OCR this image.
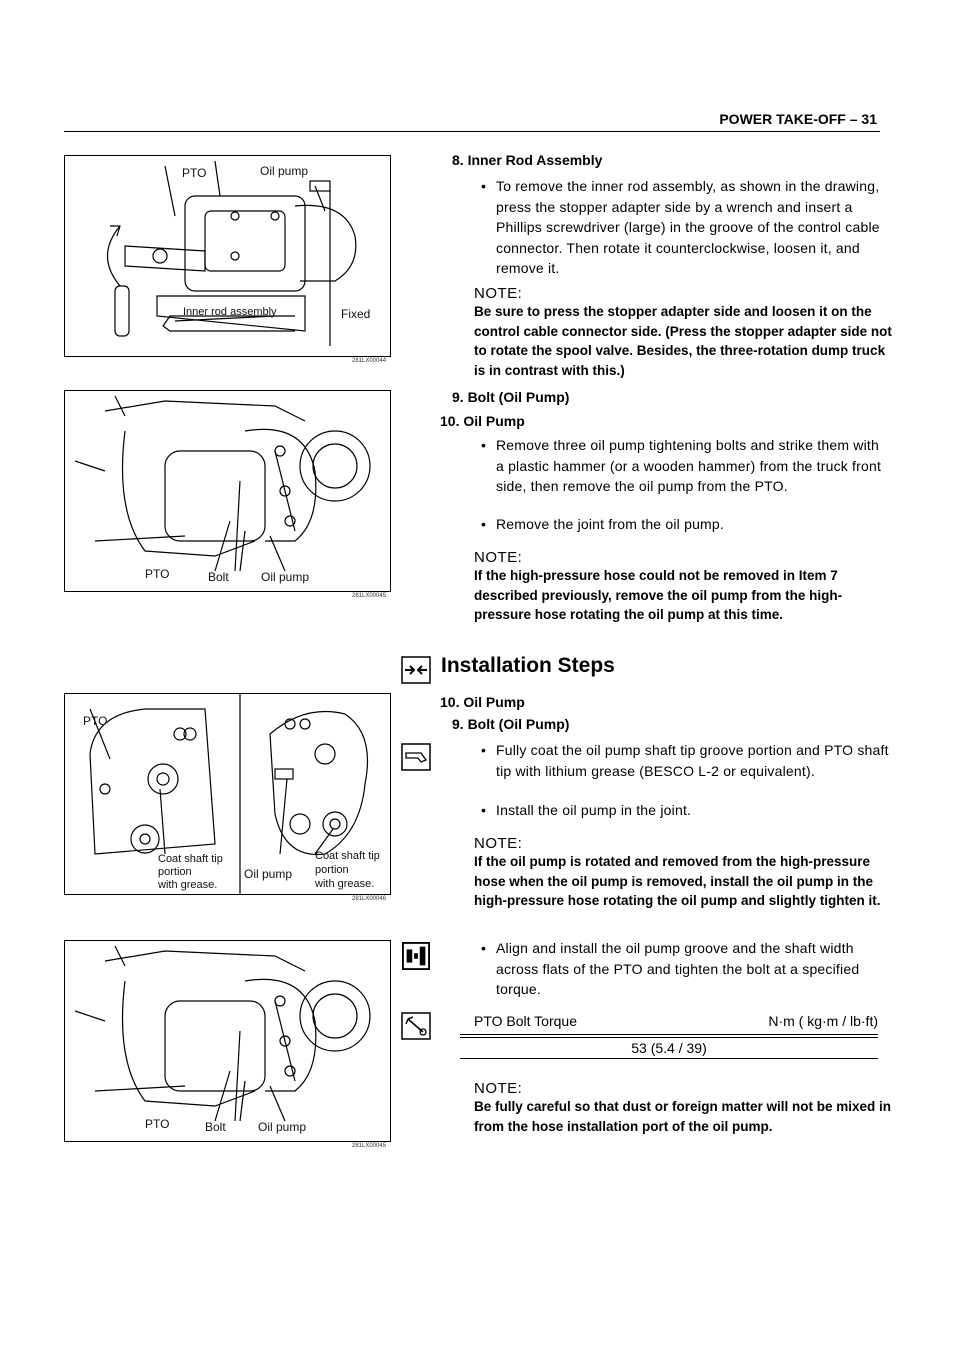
POWER TAKE-OFF – 31
PTO	Oil pump
Inner rod assembly	Fixed
281LX00044
PTO	Bolt	Oil pump
281LX00045
PTO
Coat shaft tip
portion
with grease.
Oil pump
Coat shaft tip
portion
with grease.
281LX00046
PTO	Bolt	Oil pump
281LX00045
8. Inner Rod Assembly
• To remove the inner rod assembly, as shown in the drawing, press the stopper adapter side by a wrench and insert a Phillips screwdriver (large) in the groove of the control cable connector. Then rotate it counterclockwise, loosen it, and remove it.
NOTE:
Be sure to press the stopper adapter side and loosen it on the control cable connector side. (Press the stopper adapter side not to rotate the spool valve. Besides, the three-rotation dump truck is in contrast with this.)
9. Bolt (Oil Pump)
10. Oil Pump
• Remove three oil pump tightening bolts and strike them with a plastic hammer (or a wooden hammer) from the truck front side, then remove the oil pump from the PTO.
• Remove the joint from the oil pump.
NOTE:
If the high-pressure hose could not be removed in Item 7 described previously, remove the oil pump from the high-pressure hose rotating the oil pump at this time.
Installation Steps
10. Oil Pump
9. Bolt (Oil Pump)
• Fully coat the oil pump shaft tip groove portion and PTO shaft tip with lithium grease (BESCO L-2 or equivalent).
• Install the oil pump in the joint.
NOTE:
If the oil pump is rotated and removed from the high-pressure hose when the oil pump is removed, install the oil pump in the high-pressure hose rotating the oil pump and slightly tighten it.
• Align and install the oil pump groove and the shaft width across flats of the PTO and tighten the bolt at a specified torque.
PTO Bolt Torque	N·m ( kg·m / lb·ft)
53 (5.4 / 39)
NOTE:
Be fully careful so that dust or foreign matter will not be mixed in from the hose installation port of the oil pump.
